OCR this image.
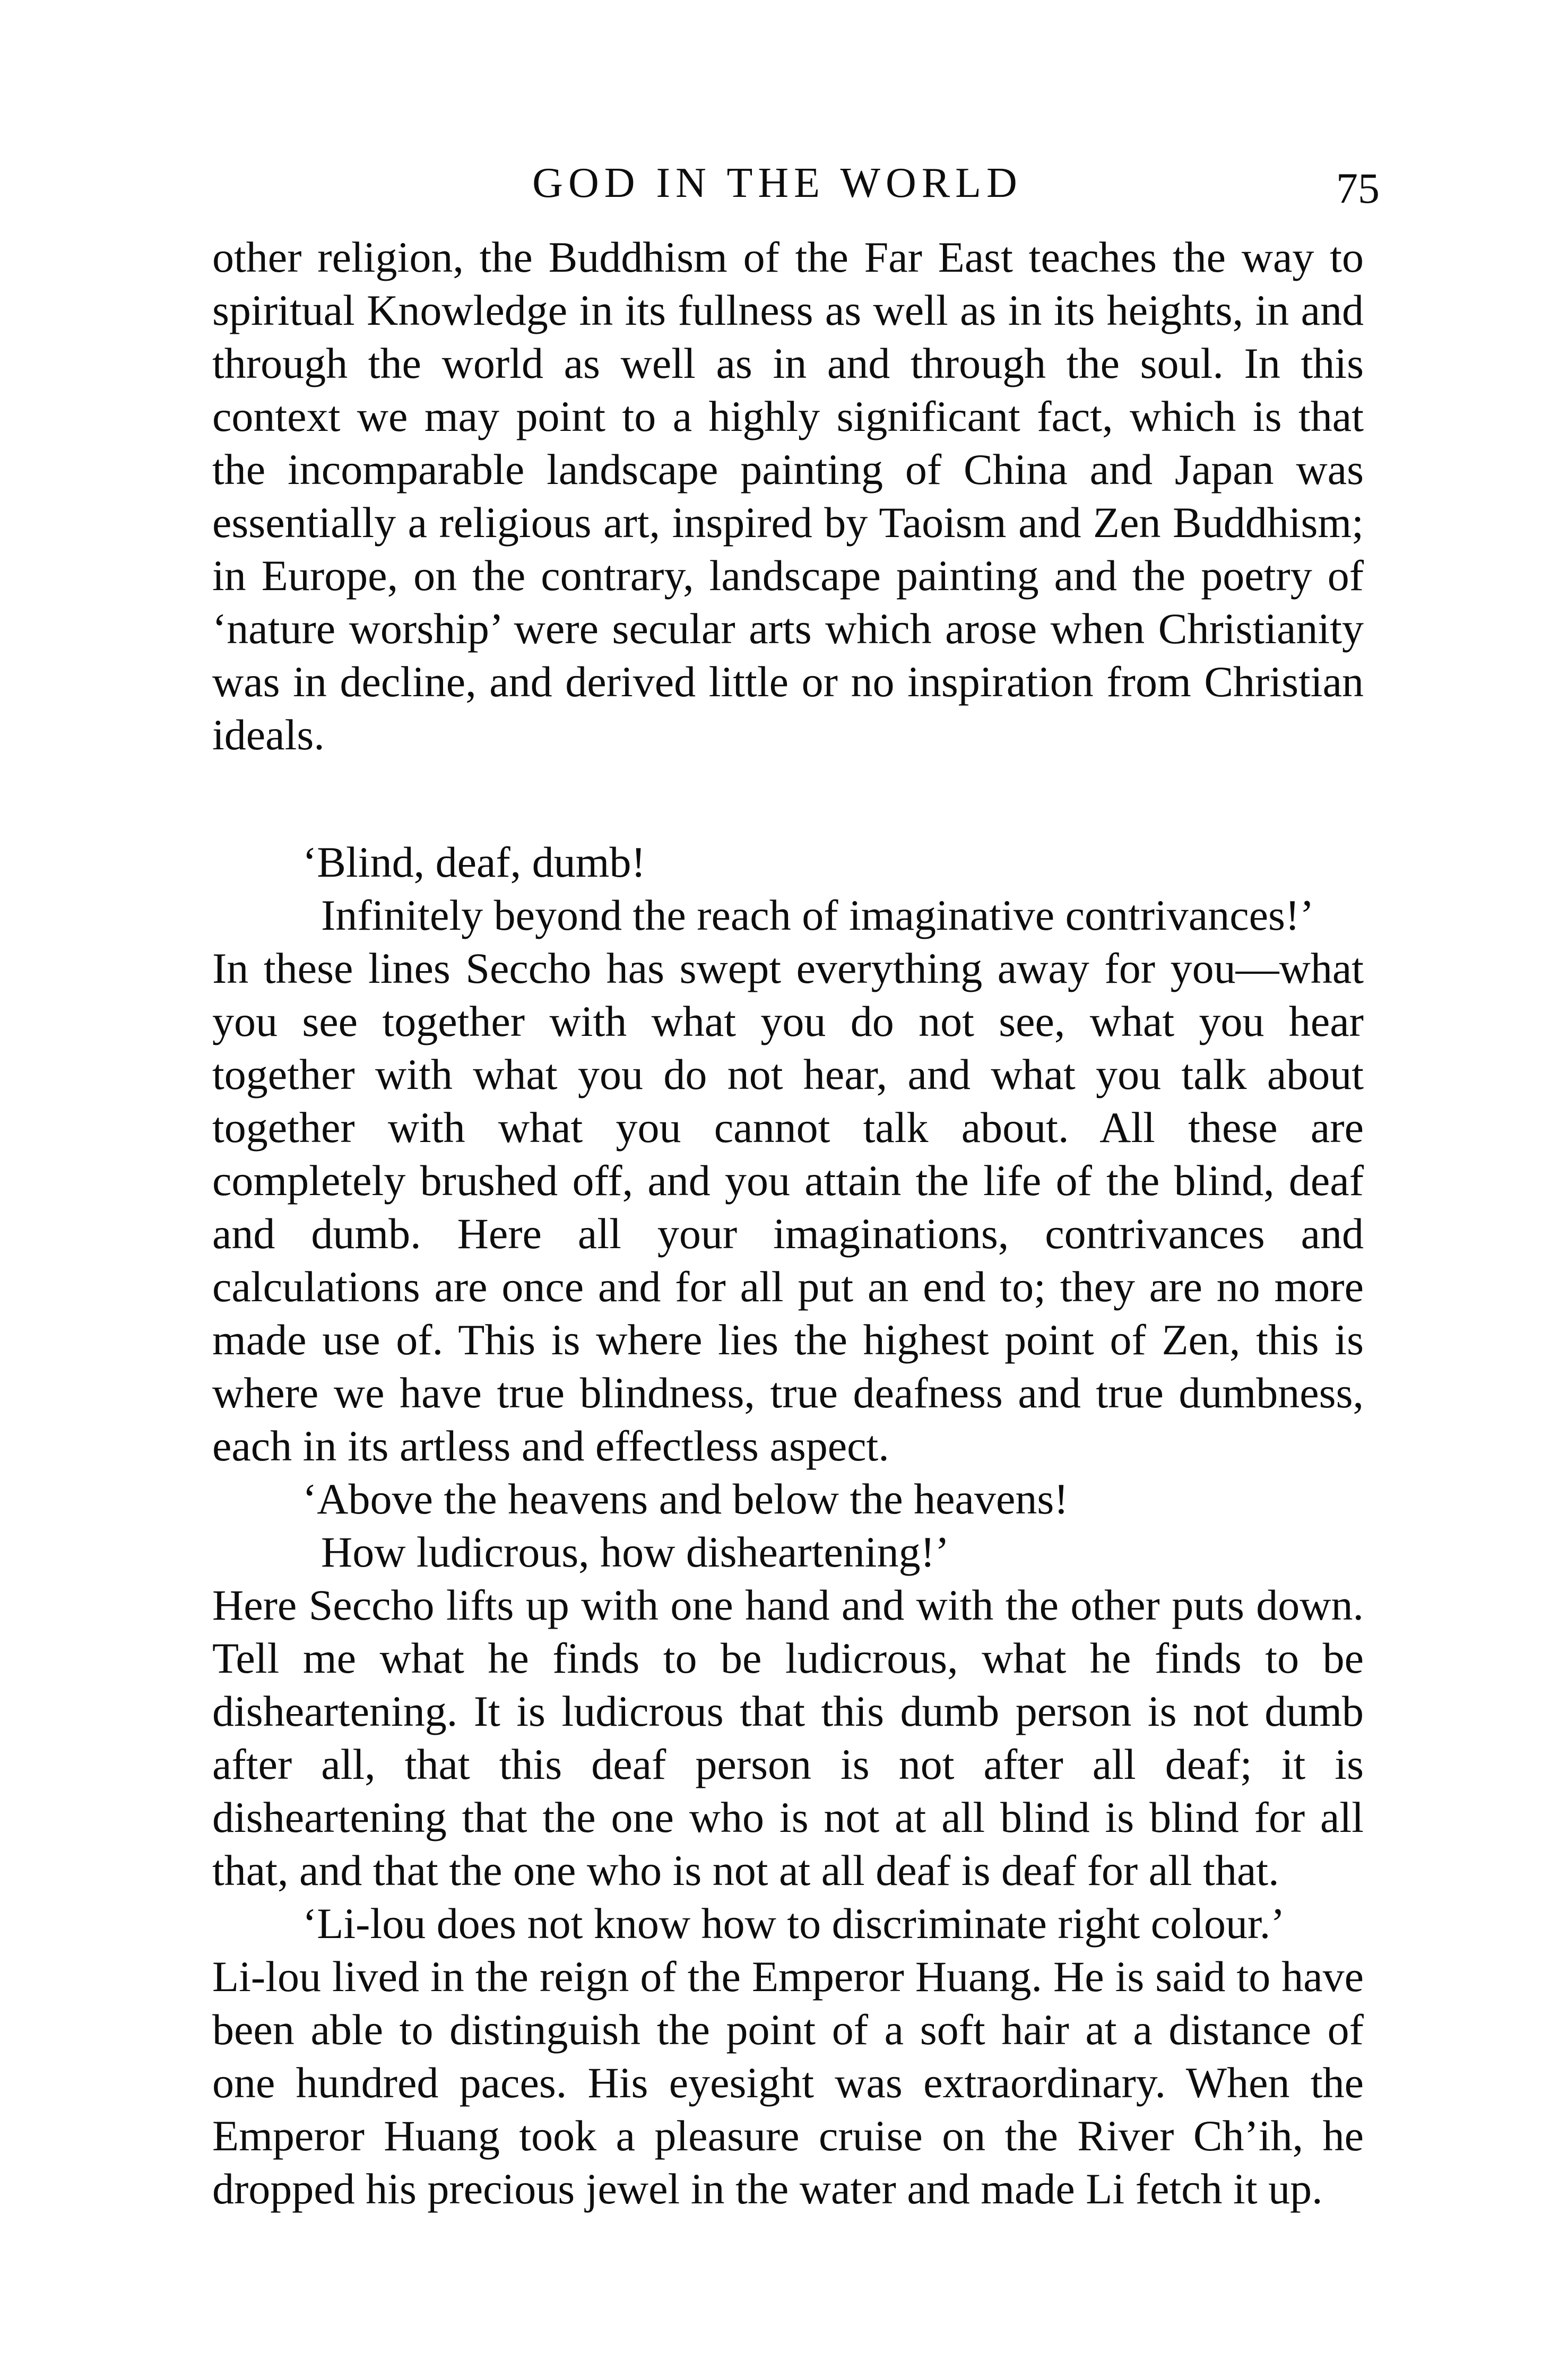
GOD IN THE WORLD	75

other religion, the Buddhism of the Far East teaches the way to spiritual Knowledge in its fullness as well as in its heights, in and through the world as well as in and through the soul. In this context we may point to a highly significant fact, which is that the incomparable landscape painting of China and Japan was essentially a religious art, inspired by Taoism and Zen Buddhism; in Europe, on the contrary, landscape painting and the poetry of ‘nature worship’ were secular arts which arose when Christianity was in decline, and derived little or no inspiration from Christian ideals.

‘Blind, deaf, dumb!
Infinitely beyond the reach of imaginative contrivances!’

In these lines Seccho has swept everything away for you—what you see together with what you do not see, what you hear together with what you do not hear, and what you talk about together with what you cannot talk about. All these are completely brushed off, and you attain the life of the blind, deaf and dumb. Here all your imaginations, contrivances and calculations are once and for all put an end to; they are no more made use of. This is where lies the highest point of Zen, this is where we have true blindness, true deafness and true dumbness, each in its artless and effectless aspect.

‘Above the heavens and below the heavens!
How ludicrous, how disheartening!’

Here Seccho lifts up with one hand and with the other puts down. Tell me what he finds to be ludicrous, what he finds to be disheartening. It is ludicrous that this dumb person is not dumb after all, that this deaf person is not after all deaf; it is disheartening that the one who is not at all blind is blind for all that, and that the one who is not at all deaf is deaf for all that.

‘Li-lou does not know how to discriminate right colour.’

Li-lou lived in the reign of the Emperor Huang. He is said to have been able to distinguish the point of a soft hair at a distance of one hundred paces. His eyesight was extraordinary. When the Emperor Huang took a pleasure cruise on the River Ch’ih, he dropped his precious jewel in the water and made Li fetch it up.
